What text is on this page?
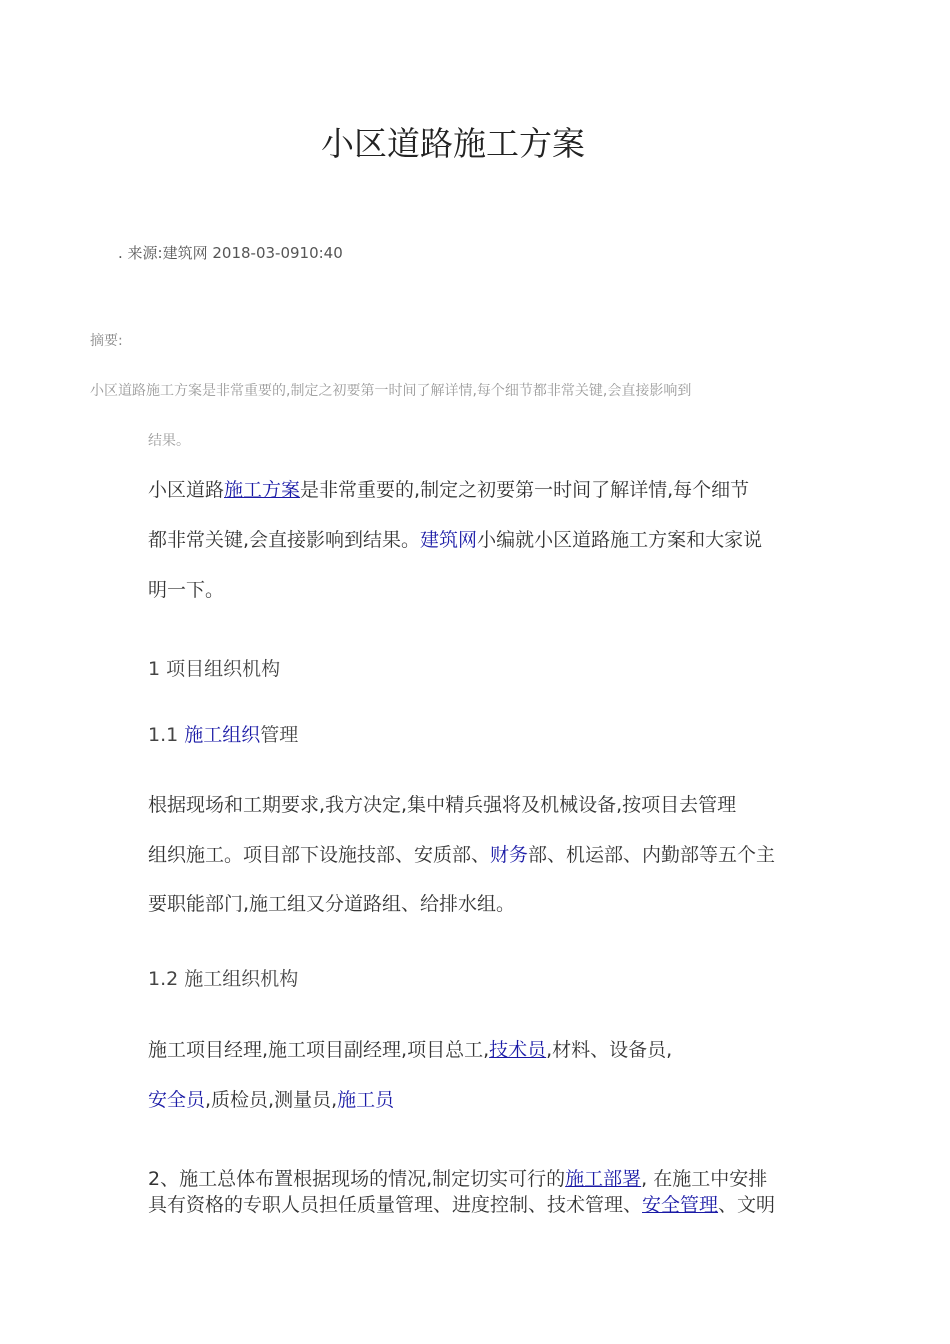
小区道路施工方案
. 来源:建筑网 2018-03-0910:40
摘要:
小区道路施工方案是非常重要的,制定之初要第一时间了解详情,每个细节都非常关键,会直接影响到
结果。
小区道路施工方案是非常重要的,制定之初要第一时间了解详情,每个细节
都非常关键,会直接影响到结果。建筑网小编就小区道路施工方案和大家说
明一下。
1 项目组织机构
1.1 施工组织管理
根据现场和工期要求,我方决定,集中精兵强将及机械设备,按项目去管理
组织施工。项目部下设施技部、安质部、财务部、机运部、内勤部等五个主
要职能部门,施工组又分道路组、给排水组。
1.2 施工组织机构
施工项目经理,施工项目副经理,项目总工,技术员,材料、设备员,
安全员,质检员,测量员,施工员
2、施工总体布置根据现场的情况,制定切实可行的施工部署, 在施工中安排
具有资格的专职人员担任质量管理、进度控制、技术管理、安全管理、文明
